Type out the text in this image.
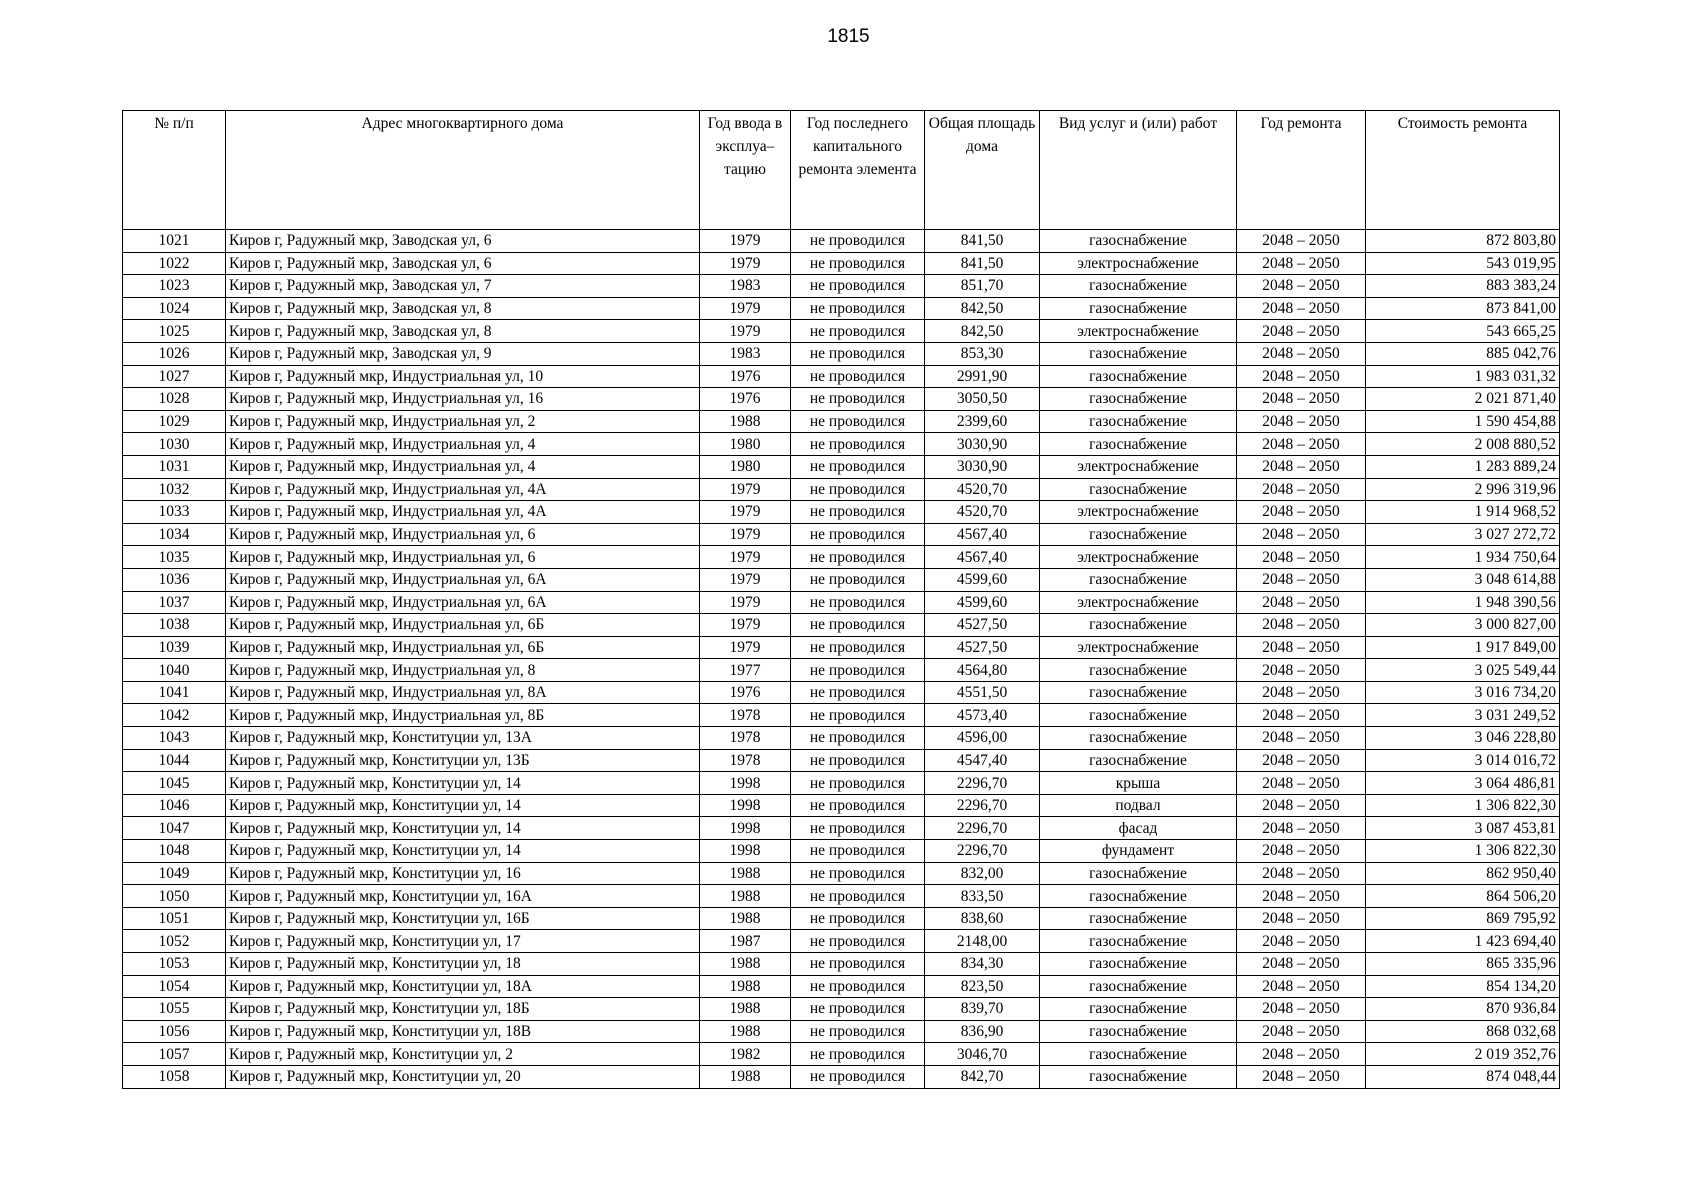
1815
№ п/п	Адрес многоквартирного дома	Год ввода в эксплуа–тацию	Год последнего капитального ремонта элемента	Общая площадь дома	Вид услуг и (или) работ	Год ремонта	Стоимость ремонта
1021	Киров г, Радужный мкр, Заводская ул, 6	1979	не проводился	841,50	газоснабжение	2048 – 2050	872 803,80
1022	Киров г, Радужный мкр, Заводская ул, 6	1979	не проводился	841,50	электроснабжение	2048 – 2050	543 019,95
1023	Киров г, Радужный мкр, Заводская ул, 7	1983	не проводился	851,70	газоснабжение	2048 – 2050	883 383,24
1024	Киров г, Радужный мкр, Заводская ул, 8	1979	не проводился	842,50	газоснабжение	2048 – 2050	873 841,00
1025	Киров г, Радужный мкр, Заводская ул, 8	1979	не проводился	842,50	электроснабжение	2048 – 2050	543 665,25
1026	Киров г, Радужный мкр, Заводская ул, 9	1983	не проводился	853,30	газоснабжение	2048 – 2050	885 042,76
1027	Киров г, Радужный мкр, Индустриальная ул, 10	1976	не проводился	2991,90	газоснабжение	2048 – 2050	1 983 031,32
1028	Киров г, Радужный мкр, Индустриальная ул, 16	1976	не проводился	3050,50	газоснабжение	2048 – 2050	2 021 871,40
1029	Киров г, Радужный мкр, Индустриальная ул, 2	1988	не проводился	2399,60	газоснабжение	2048 – 2050	1 590 454,88
1030	Киров г, Радужный мкр, Индустриальная ул, 4	1980	не проводился	3030,90	газоснабжение	2048 – 2050	2 008 880,52
1031	Киров г, Радужный мкр, Индустриальная ул, 4	1980	не проводился	3030,90	электроснабжение	2048 – 2050	1 283 889,24
1032	Киров г, Радужный мкр, Индустриальная ул, 4А	1979	не проводился	4520,70	газоснабжение	2048 – 2050	2 996 319,96
1033	Киров г, Радужный мкр, Индустриальная ул, 4А	1979	не проводился	4520,70	электроснабжение	2048 – 2050	1 914 968,52
1034	Киров г, Радужный мкр, Индустриальная ул, 6	1979	не проводился	4567,40	газоснабжение	2048 – 2050	3 027 272,72
1035	Киров г, Радужный мкр, Индустриальная ул, 6	1979	не проводился	4567,40	электроснабжение	2048 – 2050	1 934 750,64
1036	Киров г, Радужный мкр, Индустриальная ул, 6А	1979	не проводился	4599,60	газоснабжение	2048 – 2050	3 048 614,88
1037	Киров г, Радужный мкр, Индустриальная ул, 6А	1979	не проводился	4599,60	электроснабжение	2048 – 2050	1 948 390,56
1038	Киров г, Радужный мкр, Индустриальная ул, 6Б	1979	не проводился	4527,50	газоснабжение	2048 – 2050	3 000 827,00
1039	Киров г, Радужный мкр, Индустриальная ул, 6Б	1979	не проводился	4527,50	электроснабжение	2048 – 2050	1 917 849,00
1040	Киров г, Радужный мкр, Индустриальная ул, 8	1977	не проводился	4564,80	газоснабжение	2048 – 2050	3 025 549,44
1041	Киров г, Радужный мкр, Индустриальная ул, 8А	1976	не проводился	4551,50	газоснабжение	2048 – 2050	3 016 734,20
1042	Киров г, Радужный мкр, Индустриальная ул, 8Б	1978	не проводился	4573,40	газоснабжение	2048 – 2050	3 031 249,52
1043	Киров г, Радужный мкр, Конституции ул, 13А	1978	не проводился	4596,00	газоснабжение	2048 – 2050	3 046 228,80
1044	Киров г, Радужный мкр, Конституции ул, 13Б	1978	не проводился	4547,40	газоснабжение	2048 – 2050	3 014 016,72
1045	Киров г, Радужный мкр, Конституции ул, 14	1998	не проводился	2296,70	крыша	2048 – 2050	3 064 486,81
1046	Киров г, Радужный мкр, Конституции ул, 14	1998	не проводился	2296,70	подвал	2048 – 2050	1 306 822,30
1047	Киров г, Радужный мкр, Конституции ул, 14	1998	не проводился	2296,70	фасад	2048 – 2050	3 087 453,81
1048	Киров г, Радужный мкр, Конституции ул, 14	1998	не проводился	2296,70	фундамент	2048 – 2050	1 306 822,30
1049	Киров г, Радужный мкр, Конституции ул, 16	1988	не проводился	832,00	газоснабжение	2048 – 2050	862 950,40
1050	Киров г, Радужный мкр, Конституции ул, 16А	1988	не проводился	833,50	газоснабжение	2048 – 2050	864 506,20
1051	Киров г, Радужный мкр, Конституции ул, 16Б	1988	не проводился	838,60	газоснабжение	2048 – 2050	869 795,92
1052	Киров г, Радужный мкр, Конституции ул, 17	1987	не проводился	2148,00	газоснабжение	2048 – 2050	1 423 694,40
1053	Киров г, Радужный мкр, Конституции ул, 18	1988	не проводился	834,30	газоснабжение	2048 – 2050	865 335,96
1054	Киров г, Радужный мкр, Конституции ул, 18А	1988	не проводился	823,50	газоснабжение	2048 – 2050	854 134,20
1055	Киров г, Радужный мкр, Конституции ул, 18Б	1988	не проводился	839,70	газоснабжение	2048 – 2050	870 936,84
1056	Киров г, Радужный мкр, Конституции ул, 18В	1988	не проводился	836,90	газоснабжение	2048 – 2050	868 032,68
1057	Киров г, Радужный мкр, Конституции ул, 2	1982	не проводился	3046,70	газоснабжение	2048 – 2050	2 019 352,76
1058	Киров г, Радужный мкр, Конституции ул, 20	1988	не проводился	842,70	газоснабжение	2048 – 2050	874 048,44
